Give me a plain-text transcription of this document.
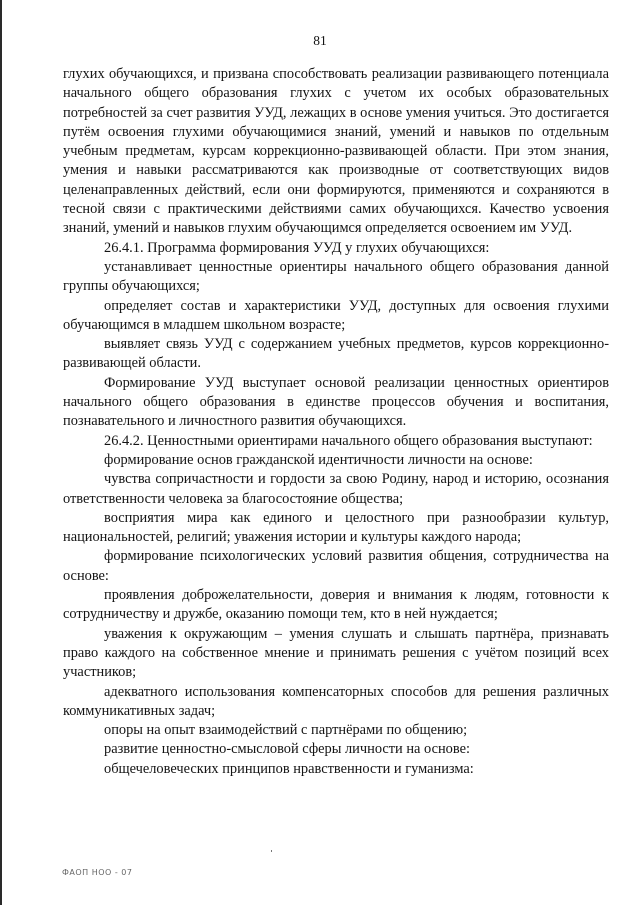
81

глухих обучающихся, и призвана способствовать реализации развивающего потенциала начального общего образования глухих с учетом их особых образовательных потребностей за счет развития УУД, лежащих в основе умения учиться. Это достигается путём освоения глухими обучающимися знаний, умений и навыков по отдельным учебным предметам, курсам коррекционно-развивающей области. При этом знания, умения и навыки рассматриваются как производные от соответствующих видов целенаправленных действий, если они формируются, применяются и сохраняются в тесной связи с практическими действиями самих обучающихся. Качество усвоения знаний, умений и навыков глухим обучающимся определяется освоением им УУД.

26.4.1. Программа формирования УУД у глухих обучающихся:

устанавливает ценностные ориентиры начального общего образования данной группы обучающихся;

определяет состав и характеристики УУД, доступных для освоения глухими обучающимся в младшем школьном возрасте;

выявляет связь УУД с содержанием учебных предметов, курсов коррекционно-развивающей области.

Формирование УУД выступает основой реализации ценностных ориентиров начального общего образования в единстве процессов обучения и воспитания, познавательного и личностного развития обучающихся.

26.4.2. Ценностными ориентирами начального общего образования выступают:

формирование основ гражданской идентичности личности на основе:

чувства сопричастности и гордости за свою Родину, народ и историю, осознания ответственности человека за благосостояние общества;

восприятия мира как единого и целостного при разнообразии культур, национальностей, религий; уважения истории и культуры каждого народа;

формирование психологических условий развития общения, сотрудничества на основе:

проявления доброжелательности, доверия и внимания к людям, готовности к сотрудничеству и дружбе, оказанию помощи тем, кто в ней нуждается;

уважения к окружающим – умения слушать и слышать партнёра, признавать право каждого на собственное мнение и принимать решения с учётом позиций всех участников;

адекватного использования компенсаторных способов для решения различных коммуникативных задач;

опоры на опыт взаимодействий с партнёрами по общению;

развитие ценностно-смысловой сферы личности на основе:

общечеловеческих принципов нравственности и гуманизма:

ФАОП НОО - 07
